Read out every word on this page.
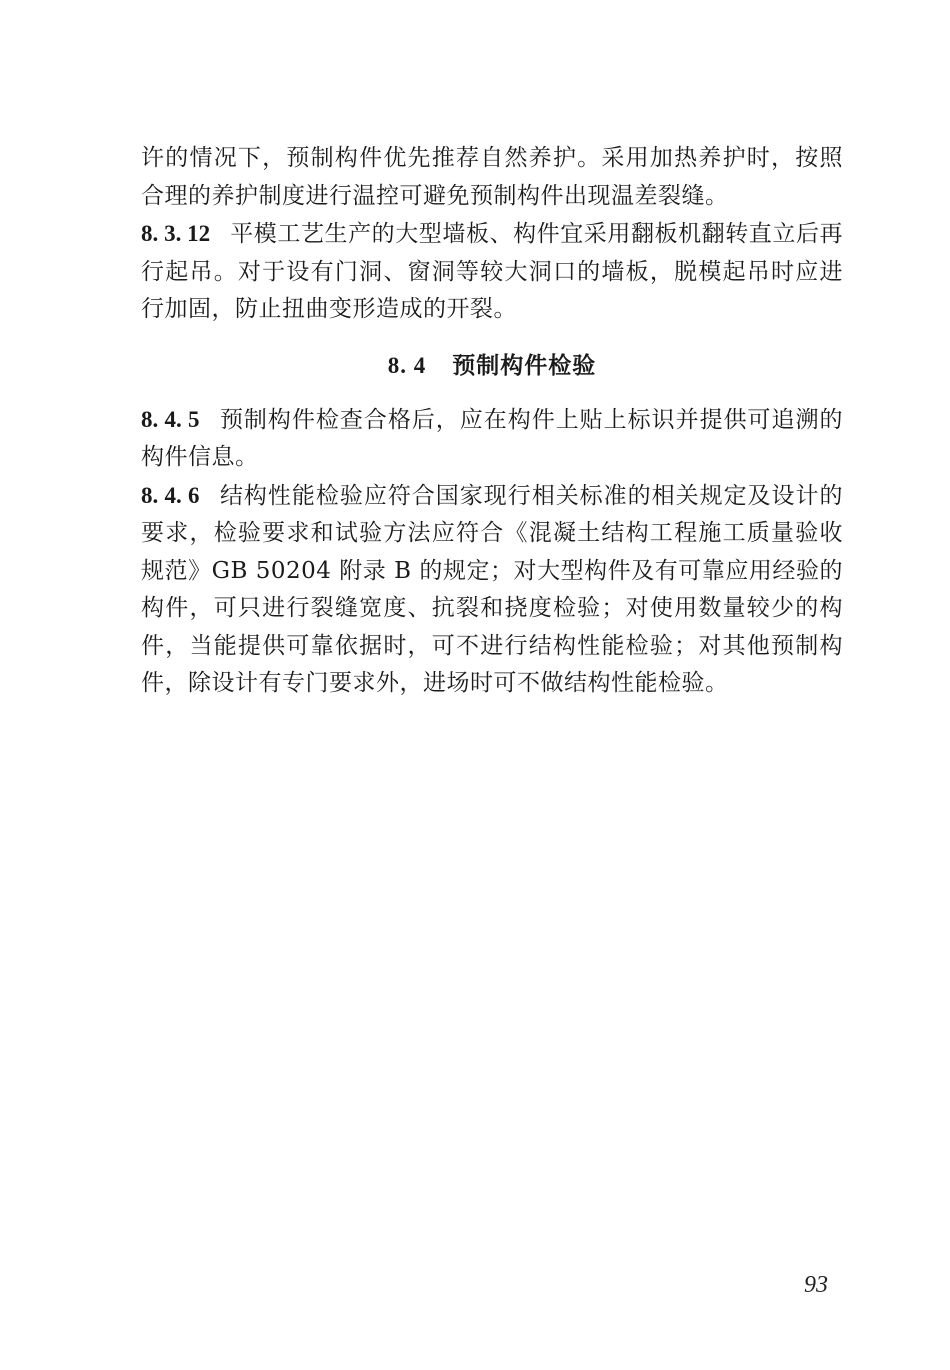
许的情况下，预制构件优先推荐自然养护。采用加热养护时，按照合理的养护制度进行温控可避免预制构件出现温差裂缝。

8. 3. 12 平模工艺生产的大型墙板、构件宜采用翻板机翻转直立后再行起吊。对于设有门洞、窗洞等较大洞口的墙板，脱模起吊时应进行加固，防止扭曲变形造成的开裂。

8. 4 预制构件检验

8. 4. 5 预制构件检查合格后，应在构件上贴上标识并提供可追溯的构件信息。

8. 4. 6 结构性能检验应符合国家现行相关标准的相关规定及设计的要求，检验要求和试验方法应符合《混凝土结构工程施工质量验收规范》GB 50204 附录 B 的规定；对大型构件及有可靠应用经验的构件，可只进行裂缝宽度、抗裂和挠度检验；对使用数量较少的构件，当能提供可靠依据时，可不进行结构性能检验；对其他预制构件，除设计有专门要求外，进场时可不做结构性能检验。

93
